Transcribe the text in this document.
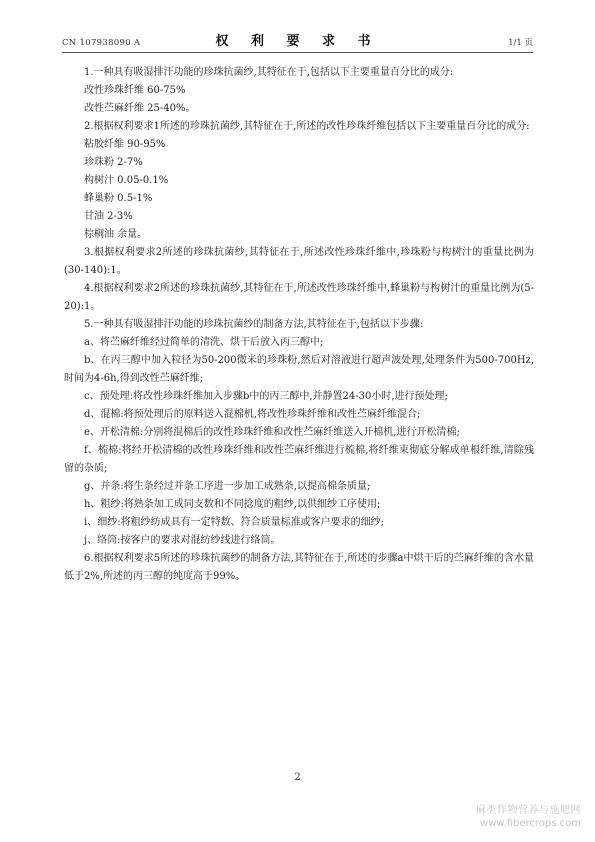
CN 107938090 A	权 利 要 求 书	1/1 页

1.一种具有吸湿排汗功能的珍珠抗菌纱,其特征在于,包括以下主要重量百分比的成分:

改性珍珠纤维 60-75%

改性苎麻纤维 25-40%。

2.根据权利要求1所述的珍珠抗菌纱,其特征在于,所述的改性珍珠纤维包括以下主要重量百分比的成分:

粘胶纤维 90-95%

珍珠粉 2-7%

构树汁 0.05-0.1%

蜂巢粉 0.5-1%

甘油 2-3%

棕榈油 余量。

3.根据权利要求2所述的珍珠抗菌纱,其特征在于,所述改性珍珠纤维中,珍珠粉与构树汁的重量比例为(30-140):1。

4.根据权利要求2所述的珍珠抗菌纱,其特征在于,所述改性珍珠纤维中,蜂巢粉与构树汁的重量比例为(5-20):1。

5.一种具有吸湿排汗功能的珍珠抗菌纱的制备方法,其特征在于,包括以下步骤:

a、将苎麻纤维经过简单的清洗、烘干后放入丙三醇中;

b、在丙三醇中加入粒径为50-200微米的珍珠粉,然后对溶液进行超声波处理,处理条件为500-700Hz,时间为4-6h,得到改性苎麻纤维;

c、预处理:将改性珍珠纤维加入步骤b中的丙三醇中,并静置24-30小时,进行预处理;

d、混棉:将预处理后的原料送入混棉机,将改性珍珠纤维和改性苎麻纤维混合;

e、开松清棉:分别将混棉后的改性珍珠纤维和改性苎麻纤维送入开棉机,进行开松清棉;

f、梳棉:将经开松清棉的改性珍珠纤维和改性苎麻纤维进行梳棉,将纤维束彻底分解成单根纤维,清除残留的杂质;

g、并条:将生条经过并条工序进一步加工成熟条,以提高棉条质量;

h、粗纱:将熟条加工成同支数和不同捻度的粗纱,以供细纱工序使用;

i、细纱:将粗纱纺成具有一定特数、符合质量标准或客户要求的细纱;

j、络筒:按客户的要求对混纺纱线进行络筒。

6.根据权利要求5所述的珍珠抗菌纱的制备方法,其特征在于,所述的步骤a中烘干后的苎麻纤维的含水量低于2%,所述的丙三醇的纯度高于99%。

2
麻类作物营养与施肥网
www.fibercrops.com
